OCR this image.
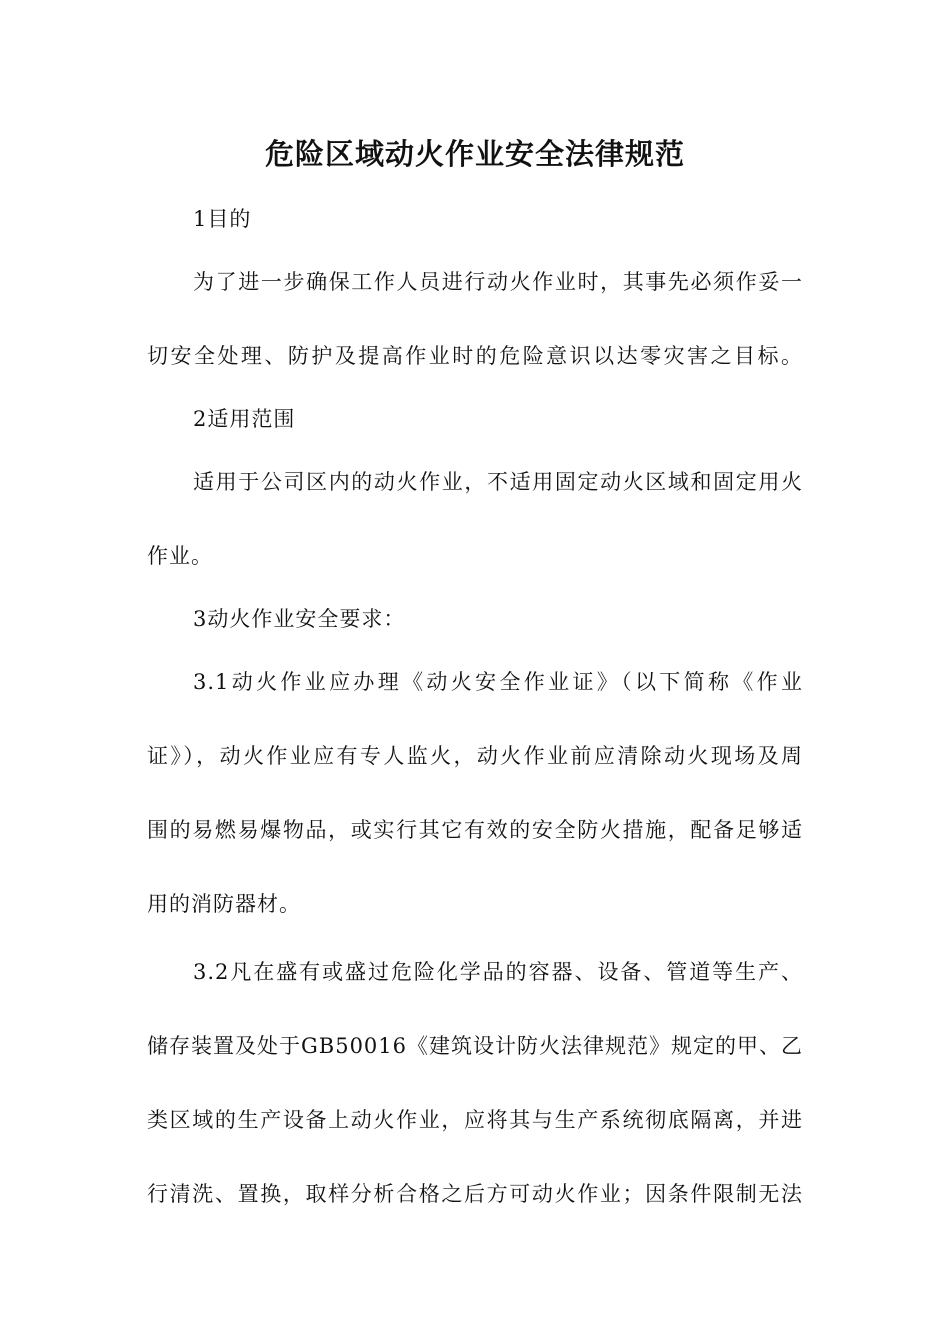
危险区域动火作业安全法律规范
1目的
为了进一步确保工作人员进行动火作业时，其事先必须作妥一
切安全处理、防护及提高作业时的危险意识以达零灾害之目标。
2适用范围
适用于公司区内的动火作业，不适用固定动火区域和固定用火
作业。
3动火作业安全要求：
3.1动火作业应办理《动火安全作业证》（以下简称《作业
证》），动火作业应有专人监火，动火作业前应清除动火现场及周
围的易燃易爆物品，或实行其它有效的安全防火措施，配备足够适
用的消防器材。
3.2凡在盛有或盛过危险化学品的容器、设备、管道等生产、
储存装置及处于GB50016《建筑设计防火法律规范》规定的甲、乙
类区域的生产设备上动火作业，应将其与生产系统彻底隔离，并进
行清洗、置换，取样分析合格之后方可动火作业；因条件限制无法
